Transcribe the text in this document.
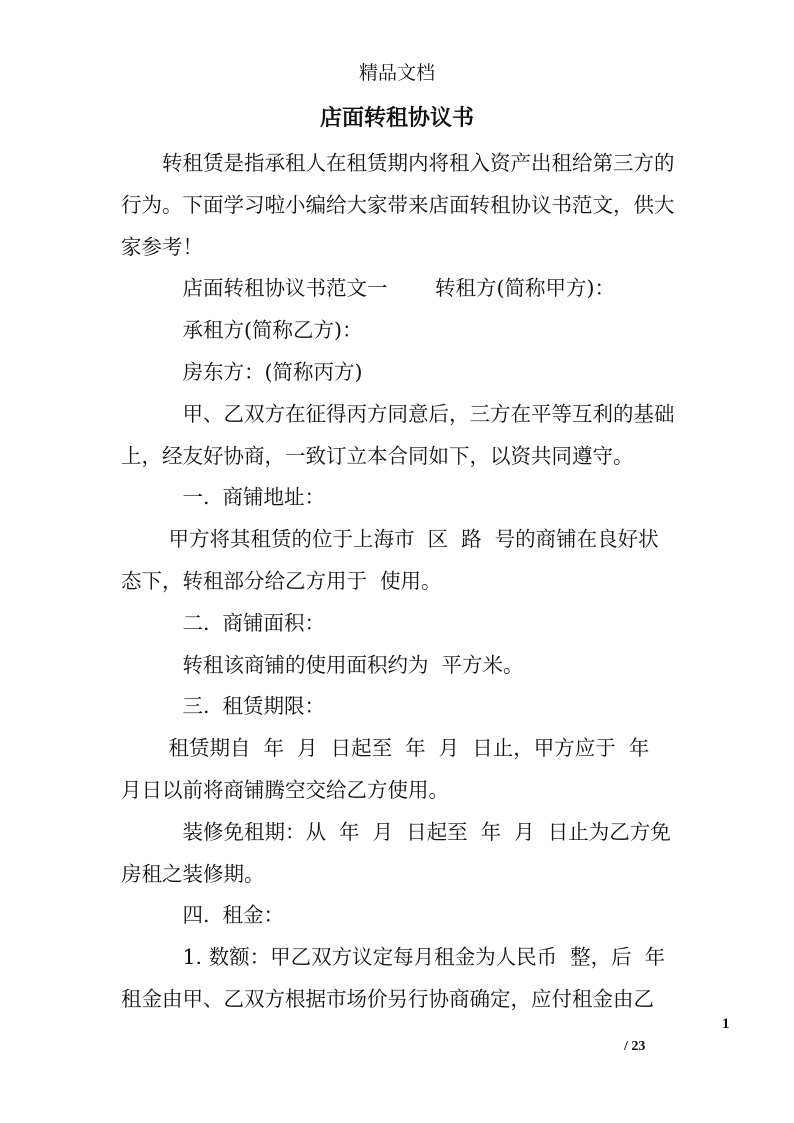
精品文档
店面转租协议书

　　转租赁是指承租人在租赁期内将租入资产出租给第三方的行为。下面学习啦小编给大家带来店面转租协议书范文，供大家参考！

　　　店面转租协议书范文一　　 转租方(简称甲方)：

　　　承租方(简称乙方)：

　　　房东方：(简称丙方)

　　　甲、乙双方在征得丙方同意后，三方在平等互利的基础上，经友好协商，一致订立本合同如下，以资共同遵守。

　　　一.  商铺地址：

　　 甲方将其租赁的位于上海市  区  路  号的商铺在良好状态下，转租部分给乙方用于  使用。

　　　二.  商铺面积：

　　　转租该商铺的使用面积约为  平方米。

　　　三.  租赁期限：

　　 租赁期自  年  月  日起至  年  月  日止，甲方应于  年  月日以前将商铺腾空交给乙方使用。

　　　装修免租期：从  年  月  日起至  年  月  日止为乙方免房租之装修期。

　　　四.  租金：

　　　1. 数额：甲乙双方议定每月租金为人民币  整，后  年租金由甲、乙双方根据市场价另行协商确定，应付租金由乙

1
/ 23
